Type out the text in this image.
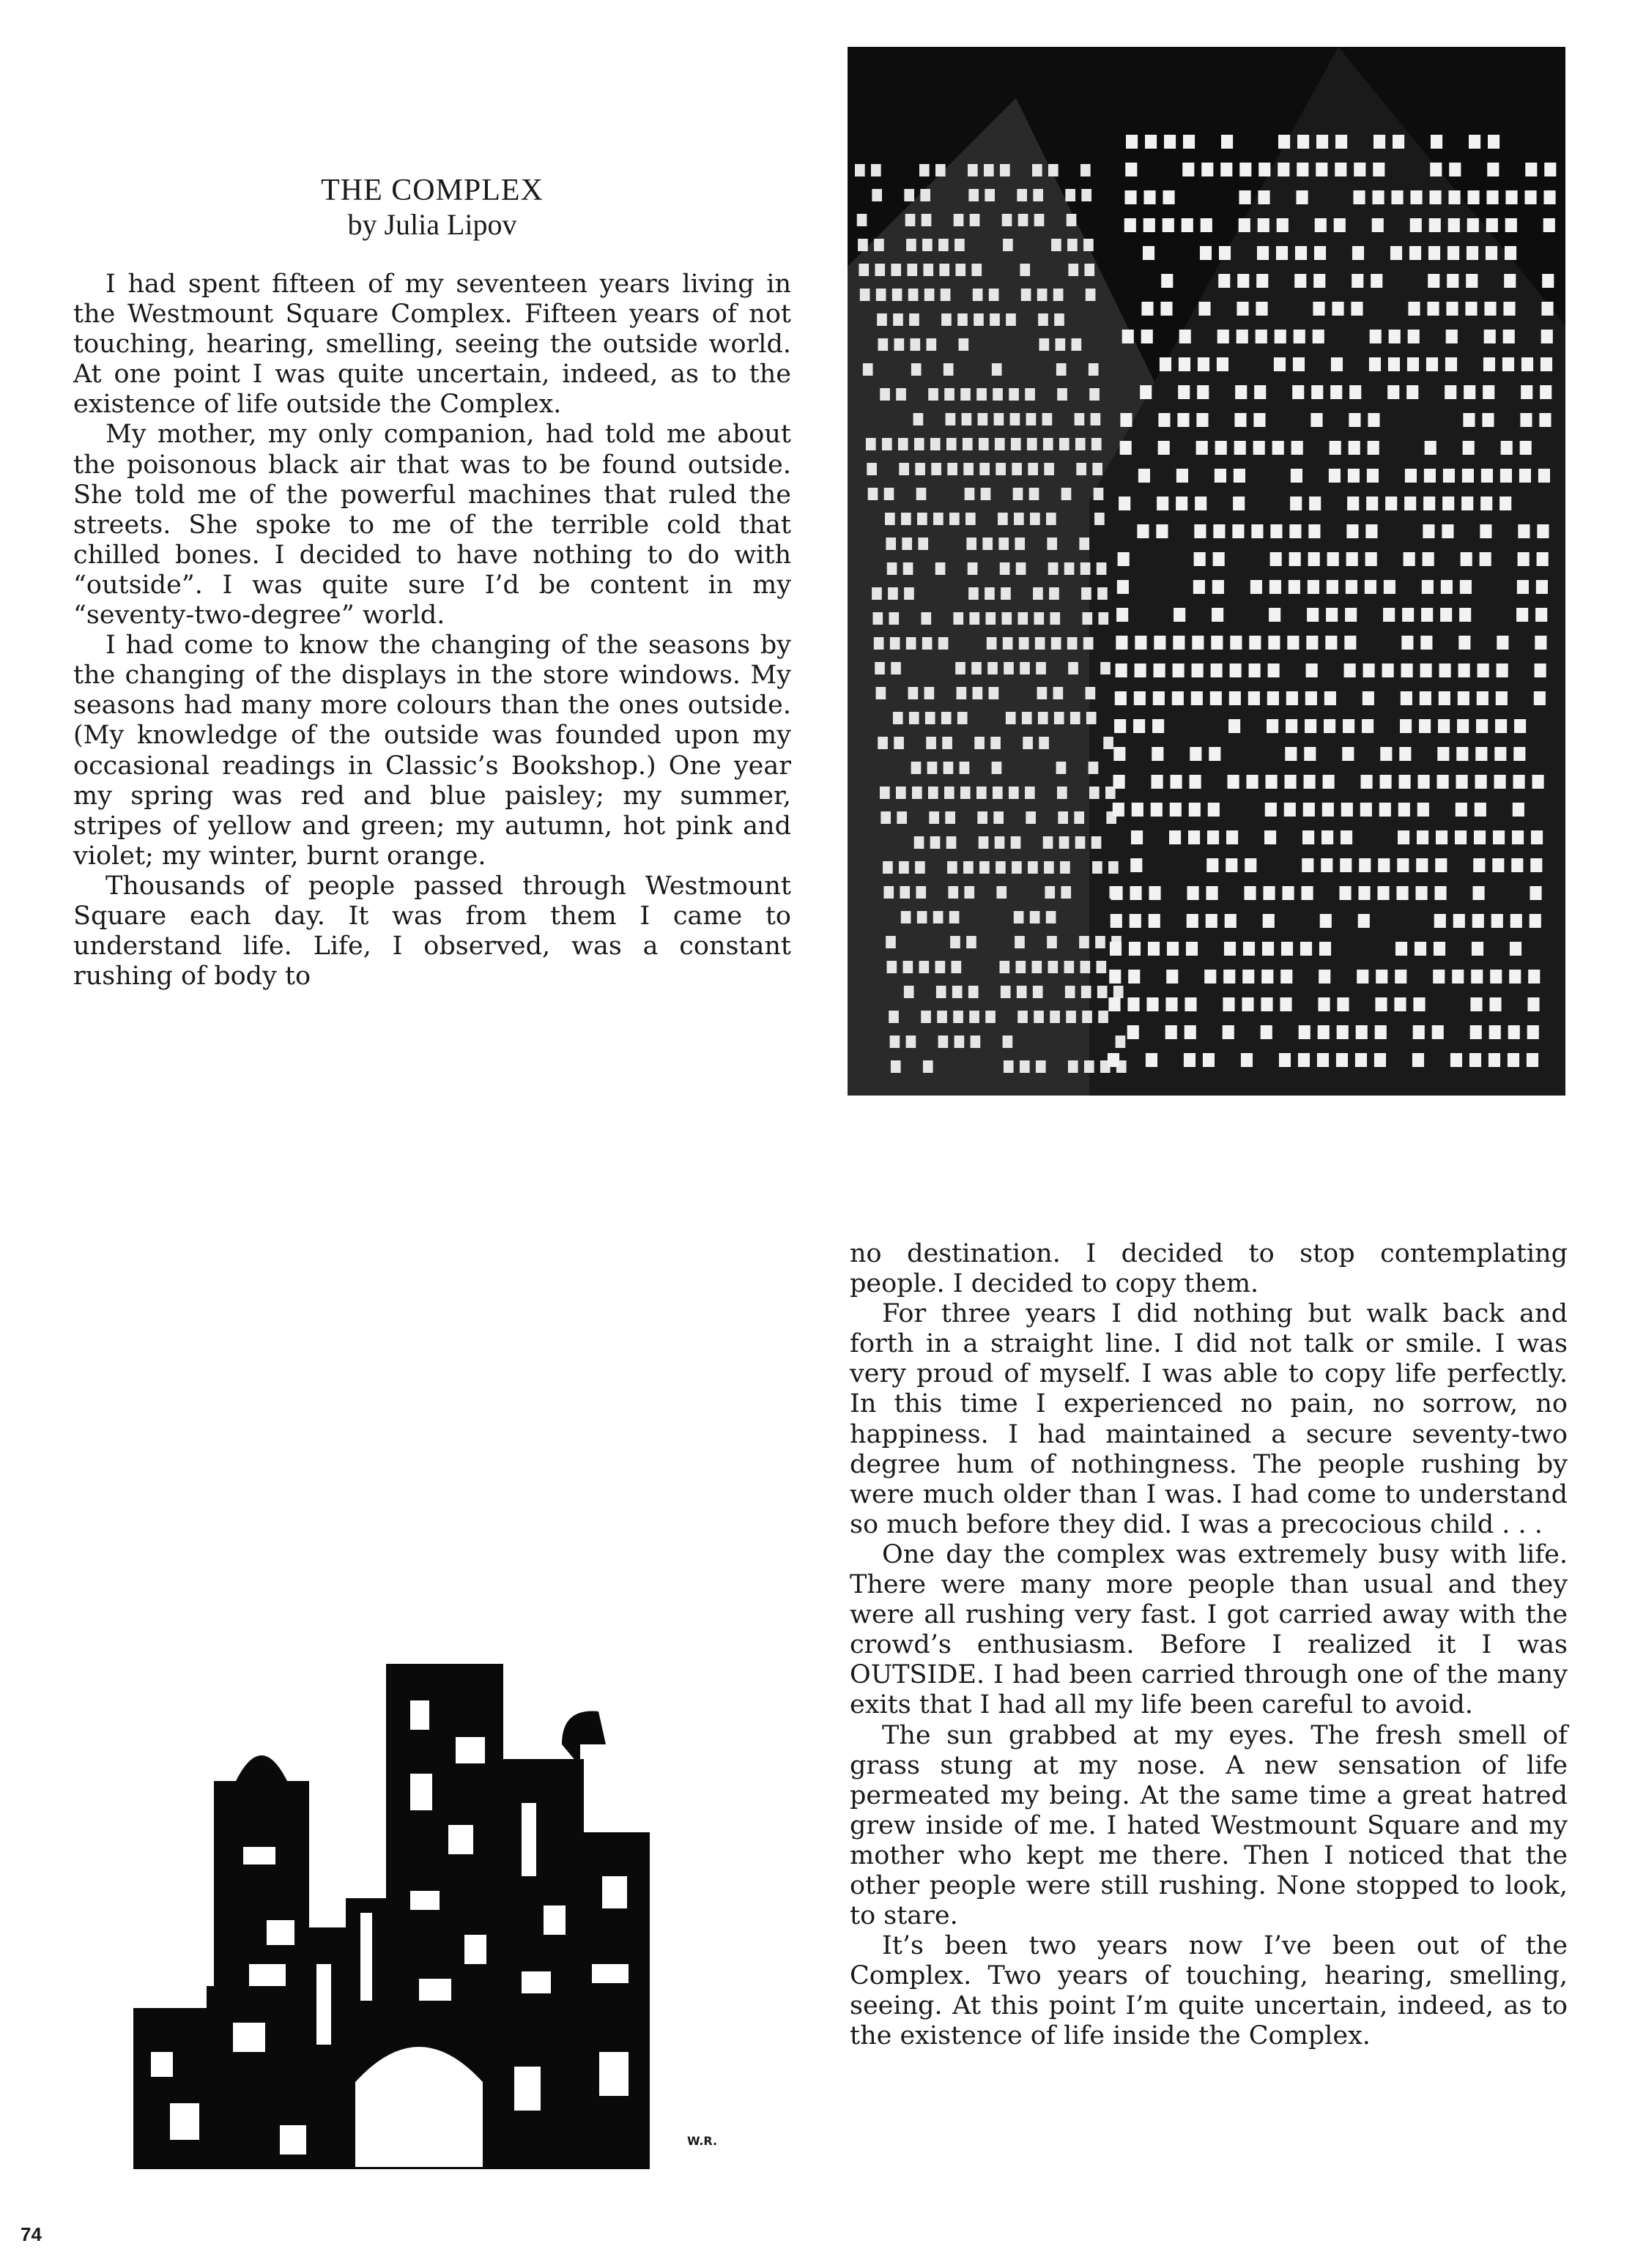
THE COMPLEX
by Julia Lipov

I had spent fifteen of my seventeen years living in the Westmount Square Complex. Fifteen years of not touching, hearing, smelling, seeing the outside world. At one point I was quite uncertain, indeed, as to the existence of life outside the Complex.

My mother, my only companion, had told me about the poisonous black air that was to be found outside. She told me of the powerful machines that ruled the streets. She spoke to me of the terrible cold that chilled bones. I decided to have nothing to do with “outside”. I was quite sure I’d be content in my “seventy-two-degree” world.

I had come to know the changing of the seasons by the changing of the displays in the store windows. My seasons had many more colours than the ones outside. (My knowledge of the outside was founded upon my occasional readings in Classic’s Bookshop.) One year my spring was red and blue paisley; my summer, stripes of yellow and green; my autumn, hot pink and violet; my winter, burnt orange.

Thousands of people passed through Westmount Square each day. It was from them I came to understand life. Life, I observed, was a constant rushing of body to

W.R.

no destination. I decided to stop contemplating people. I decided to copy them.

For three years I did nothing but walk back and forth in a straight line. I did not talk or smile. I was very proud of myself. I was able to copy life perfectly. In this time I experienced no pain, no sorrow, no happiness. I had maintained a secure seventy-two degree hum of nothingness. The people rushing by were much older than I was. I had come to understand so much before they did. I was a precocious child . . .

One day the complex was extremely busy with life. There were many more people than usual and they were all rushing very fast. I got carried away with the crowd’s enthusiasm. Before I realized it I was OUTSIDE. I had been carried through one of the many exits that I had all my life been careful to avoid.

The sun grabbed at my eyes. The fresh smell of grass stung at my nose. A new sensation of life permeated my being. At the same time a great hatred grew inside of me. I hated Westmount Square and my mother who kept me there. Then I noticed that the other people were still rushing. None stopped to look, to stare.

It’s been two years now I’ve been out of the Complex. Two years of touching, hearing, smelling, seeing. At this point I’m quite uncertain, indeed, as to the existence of life inside the Complex.

74
